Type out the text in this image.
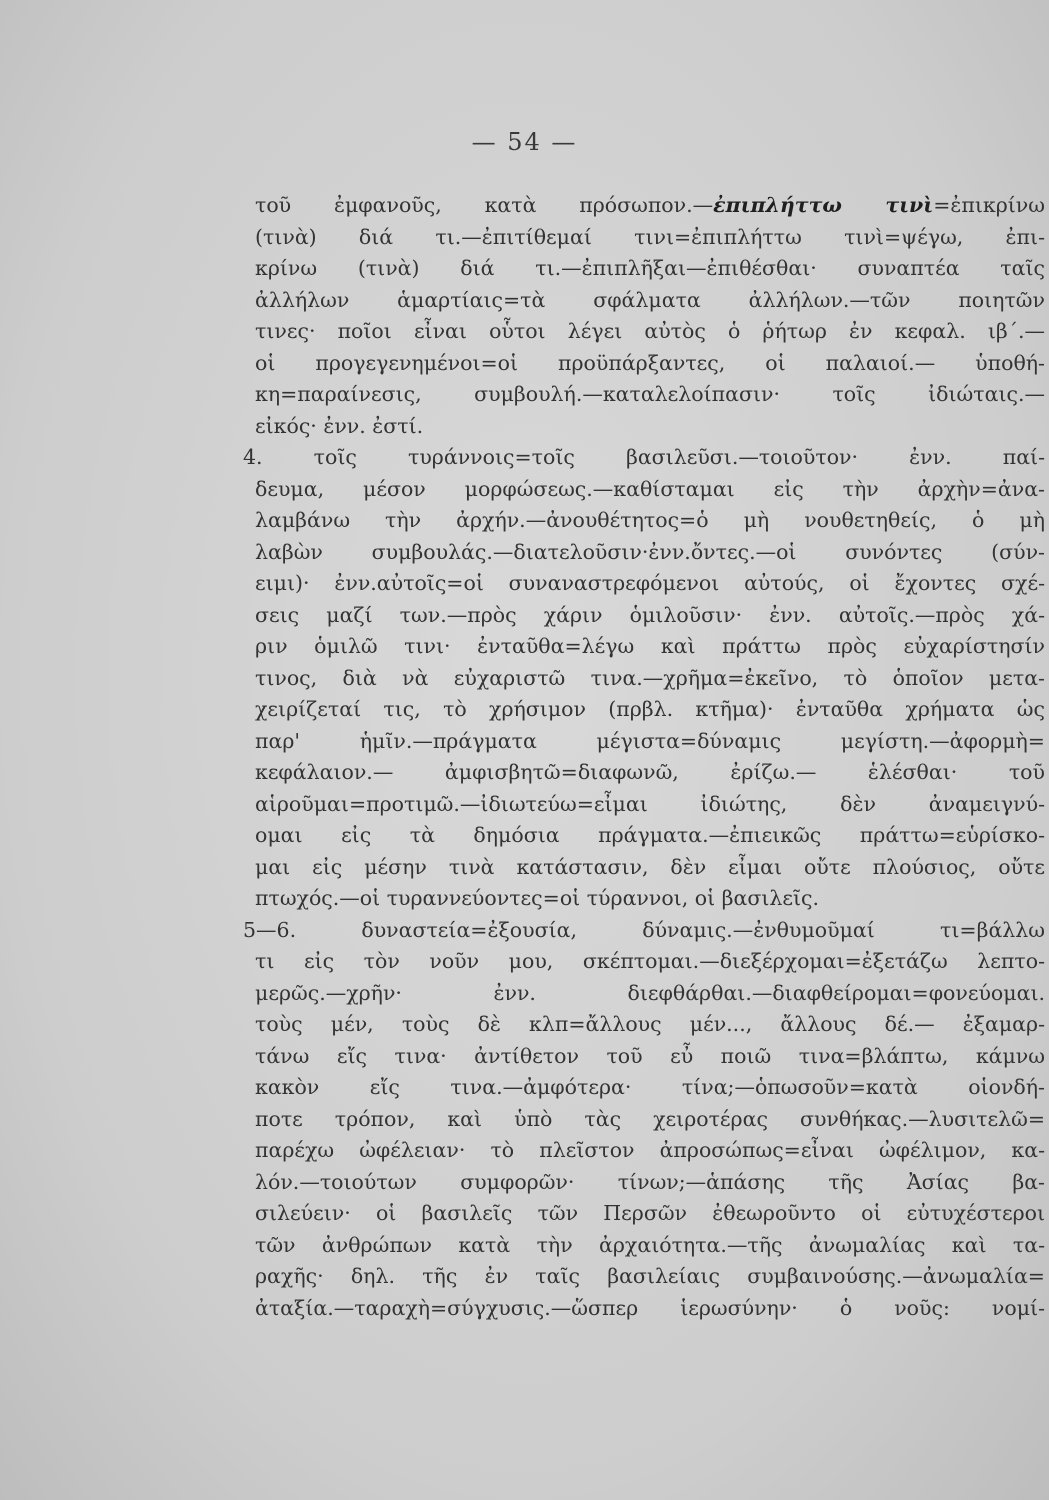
— 54 —
τοῦ ἐμφανοῦς, κατὰ πρόσωπον.—ἐπιπλήττω τινὶ=ἐπικρίνω
(τινὰ) διά τι.—ἐπιτίθεμαί τινι=ἐπιπλήττω τινὶ=ψέγω, ἐπι-
κρίνω (τινὰ) διά τι.—ἐπιπλῆξαι—ἐπιθέσθαι· συναπτέα ταῖς
ἀλλήλων ἁμαρτίαις=τὰ σφάλματα ἀλλήλων.—τῶν ποιητῶν
τινες· ποῖοι εἶναι οὗτοι λέγει αὐτὸς ὁ ῥήτωρ ἐν κεφαλ. ιβ΄.—
οἱ προγεγενημένοι=οἱ προϋπάρξαντες, οἱ παλαιοί.— ὑποθή-
κη=παραίνεσις, συμβουλή.—καταλελοίπασιν· τοῖς ἰδιώταις.—
εἰκός· ἐνν. ἐστί.
4. τοῖς τυράννοις=τοῖς βασιλεῦσι.—τοιοῦτον· ἐνν. παί-
δευμα, μέσον μορφώσεως.—καθίσταμαι εἰς τὴν ἀρχὴν=ἀνα-
λαμβάνω τὴν ἀρχήν.—ἀνουθέτητος=ὁ μὴ νουθετηθείς, ὁ μὴ
λαβὼν συμβουλάς.—διατελοῦσιν·ἐνν.ὄντες.—οἱ συνόντες (σύν-
ειμι)· ἐνν.αὐτοῖς=οἱ συναναστρεφόμενοι αὐτούς, οἱ ἔχοντες σχέ-
σεις μαζί των.—πρὸς χάριν ὁμιλοῦσιν· ἐνν. αὐτοῖς.—πρὸς χά-
ριν ὁμιλῶ τινι· ἐνταῦθα=λέγω καὶ πράττω πρὸς εὐχαρίστησίν
τινος, διὰ νὰ εὐχαριστῶ τινα.—χρῆμα=ἐκεῖνο, τὸ ὁποῖον μετα-
χειρίζεταί τις, τὸ χρήσιμον (πρβλ. κτῆμα)· ἐνταῦθα χρήματα ὡς
παρ' ἡμῖν.—πράγματα μέγιστα=δύναμις μεγίστη.—ἀφορμὴ=
κεφάλαιον.— ἀμφισβητῶ=διαφωνῶ, ἐρίζω.— ἑλέσθαι· τοῦ
αἱροῦμαι=προτιμῶ.—ἰδιωτεύω=εἶμαι ἰδιώτης, δὲν ἀναμειγνύ-
ομαι εἰς τὰ δημόσια πράγματα.—ἐπιεικῶς πράττω=εὑρίσκο-
μαι εἰς μέσην τινὰ κατάστασιν, δὲν εἶμαι οὔτε πλούσιος, οὔτε
πτωχός.—οἱ τυραννεύοντες=οἱ τύραννοι, οἱ βασιλεῖς.
5—6. δυναστεία=ἐξουσία, δύναμις.—ἐνθυμοῦμαί τι=βάλλω
τι εἰς τὸν νοῦν μου, σκέπτομαι.—διεξέρχομαι=ἐξετάζω λεπτο-
μερῶς.—χρῆν· ἐνν. διεφθάρθαι.—διαφθείρομαι=φονεύομαι.
τοὺς μέν, τοὺς δὲ κλπ=ἄλλους μέν..., ἄλλους δέ.— ἐξαμαρ-
τάνω εἴς τινα· ἀντίθετον τοῦ εὖ ποιῶ τινα=βλάπτω, κάμνω
κακὸν εἴς τινα.—ἀμφότερα· τίνα;—ὁπωσοῦν=κατὰ οἱονδή-
ποτε τρόπον, καὶ ὑπὸ τὰς χειροτέρας συνθήκας.—λυσιτελῶ=
παρέχω ὠφέλειαν· τὸ πλεῖστον ἀπροσώπως=εἶναι ὠφέλιμον, κα-
λόν.—τοιούτων συμφορῶν· τίνων;—ἁπάσης τῆς Ἀσίας βα-
σιλεύειν· οἱ βασιλεῖς τῶν Περσῶν ἐθεωροῦντο οἱ εὐτυχέστεροι
τῶν ἀνθρώπων κατὰ τὴν ἀρχαιότητα.—τῆς ἀνωμαλίας καὶ τα-
ραχῆς· δηλ. τῆς ἐν ταῖς βασιλείαις συμβαινούσης.—ἀνωμαλία=
ἀταξία.—ταραχὴ=σύγχυσις.—ὥσπερ ἱερωσύνην· ὁ νοῦς: νομί-
